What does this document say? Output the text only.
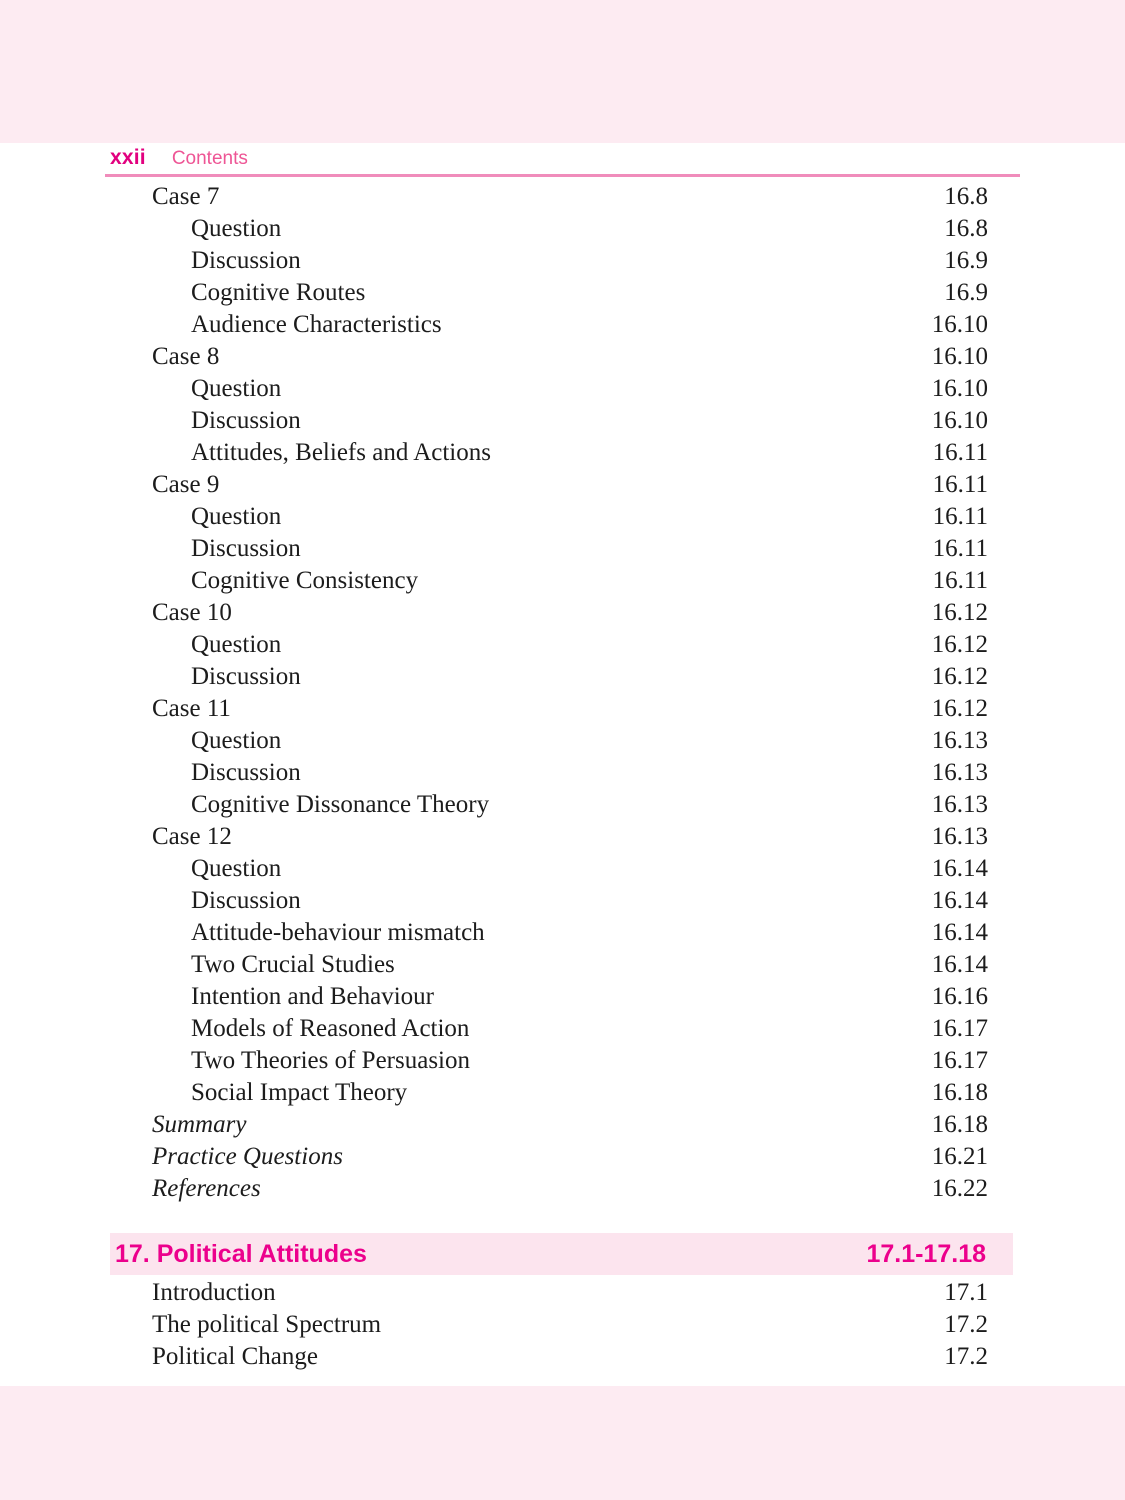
xxii Contents
Case 7	16.8
Question	16.8
Discussion	16.9
Cognitive Routes	16.9
Audience Characteristics	16.10
Case 8	16.10
Question	16.10
Discussion	16.10
Attitudes, Beliefs and Actions	16.11
Case 9	16.11
Question	16.11
Discussion	16.11
Cognitive Consistency	16.11
Case 10	16.12
Question	16.12
Discussion	16.12
Case 11	16.12
Question	16.13
Discussion	16.13
Cognitive Dissonance Theory	16.13
Case 12	16.13
Question	16.14
Discussion	16.14
Attitude-behaviour mismatch	16.14
Two Crucial Studies	16.14
Intention and Behaviour	16.16
Models of Reasoned Action	16.17
Two Theories of Persuasion	16.17
Social Impact Theory	16.18
Summary	16.18
Practice Questions	16.21
References	16.22
17. Political Attitudes	17.1-17.18
Introduction	17.1
The political Spectrum	17.2
Political Change	17.2
